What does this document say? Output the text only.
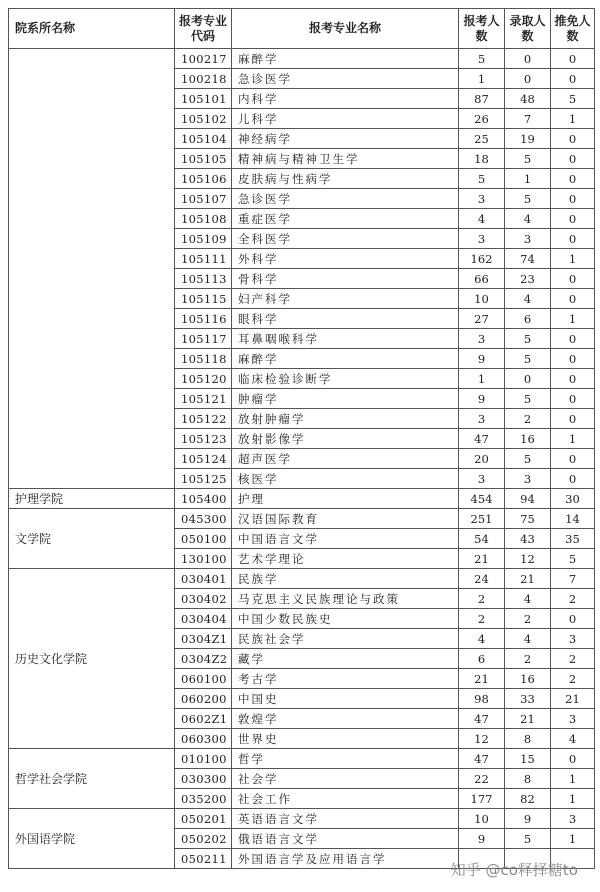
院系所名称	报考专业代码	报考专业名称	报考人数	录取人数	推免人数
	100217	麻醉学	5	0	0
	100218	急诊医学	1	0	0
	105101	内科学	87	48	5
	105102	儿科学	26	7	1
	105104	神经病学	25	19	0
	105105	精神病与精神卫生学	18	5	0
	105106	皮肤病与性病学	5	1	0
	105107	急诊医学	3	5	0
	105108	重症医学	4	4	0
	105109	全科医学	3	3	0
	105111	外科学	162	74	1
	105113	骨科学	66	23	0
	105115	妇产科学	10	4	0
	105116	眼科学	27	6	1
	105117	耳鼻咽喉科学	3	5	0
	105118	麻醉学	9	5	0
	105120	临床检验诊断学	1	0	0
	105121	肿瘤学	9	5	0
	105122	放射肿瘤学	3	2	0
	105123	放射影像学	47	16	1
	105124	超声医学	20	5	0
	105125	核医学	3	3	0
护理学院	105400	护理	454	94	30
文学院	045300	汉语国际教育	251	75	14
	050100	中国语言文学	54	43	35
	130100	艺术学理论	21	12	5
历史文化学院	030401	民族学	24	21	7
	030402	马克思主义民族理论与政策	2	4	2
	030404	中国少数民族史	2	2	0
	0304Z1	民族社会学	4	4	3
	0304Z2	藏学	6	2	2
	060100	考古学	21	16	2
	060200	中国史	98	33	21
	0602Z1	敦煌学	47	21	3
	060300	世界史	12	8	4
哲学社会学院	010100	哲学	47	15	0
	030300	社会学	22	8	1
	035200	社会工作	177	82	1
外国语学院	050201	英语语言文学	10	9	3
	050202	俄语语言文学	9	5	1
	050211	外国语言学及应用语言学			
知乎 @co释择糖to
